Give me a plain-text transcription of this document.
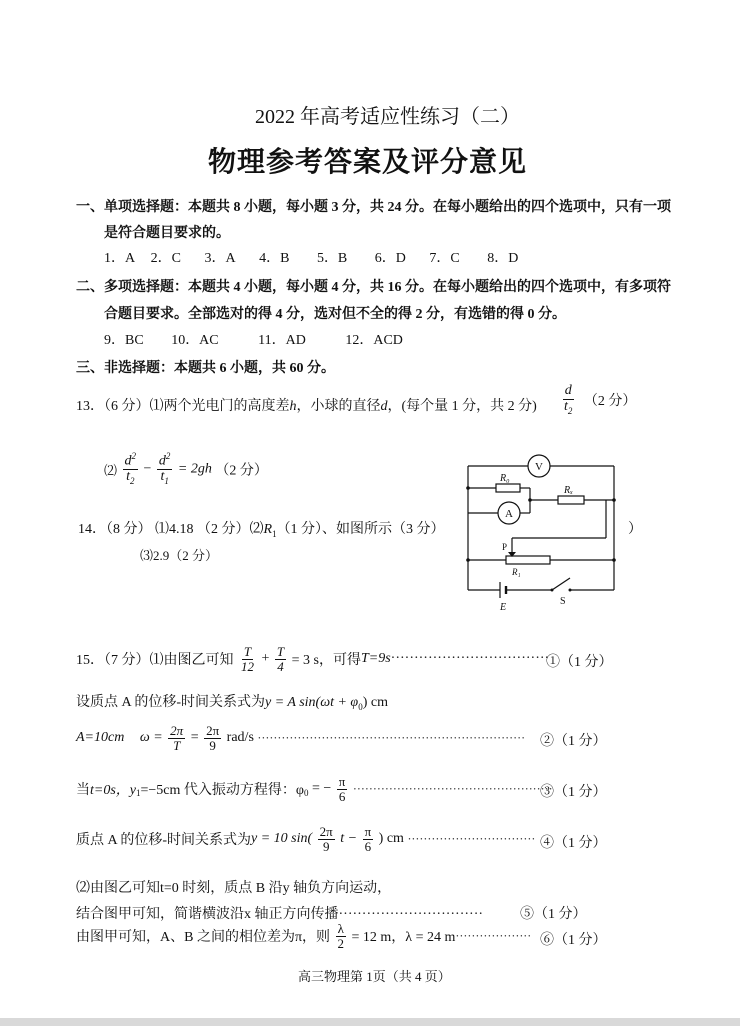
2022 年高考适应性练习（二）
物理参考答案及评分意见
一、单项选择题：本题共 8 小题，每小题 3 分，共 24 分。在每小题给出的四个选项中，只有一项
是符合题目要求的。
1．A 2．C 3．A 4．B 5．B 6．D 7．C 8．D
二、多项选择题：本题共 4 小题，每小题 4 分，共 16 分。在每小题给出的四个选项中，有多项符
合题目要求。全部选对的得 4 分，选对但不全的得 2 分，有选错的得 0 分。
9．BC 10．AC	11．AD	12．ACD
三、非选择题：本题共 6 小题，共 60 分。
13．（6 分）⑴两个光电门的高度差h，小球的直径d，(每个量 1 分，共 2 分) $\frac{d}{t_2} (2$ 分）
⑵ $\frac{d^2}{t_2} - \frac{d^2}{t_1} = 2gh$ （2 分）
14．（8 分） ⑴4.18 （2 分）$⑵R_1(1$ 分）、如图所示（3 分）	）
⑶2.9（2 分）
V
A
R₀
Rₓ
P
R₁
E
S
15．（7 分）⑴由图乙可知 $\frac{T}{12} + \frac{T}{4} = 3$ s，可得T=9s··································
①（1 分）
设质点 A 的位移-时间关系式为y = A $\sin(\omega t + \varphi_0)$ cm
A=10cm $\omega = \frac{2\pi}{T} = \frac{2\pi}{9} rad/s$ ··································································· ②（1 分）
当t=0s，$y_1=-5cm$ 代入振动方程得：$\varphi_0$ = − $\frac{\pi}{6}$ ··················································
③（1 分）
质点 A 的位移-时间关系式为y = 10 $\sin( \frac{2\pi}{9}$ $t - \frac{\pi}{6}$ ) cm ································ ④（1 分）
⑵由图乙可知t=0 时刻，质点 B 沿y 轴负方向运动，
结合图甲可知，简谐横波沿x 轴正方向传播·······························	⑤（1 分）
由图甲可知，A、B 之间的相位差为π，则 $\frac{\lambda}{2} = 12$ m，λ = 24 m··················· ⑥（1 分）
高三物理第 1页（共 4 页）
